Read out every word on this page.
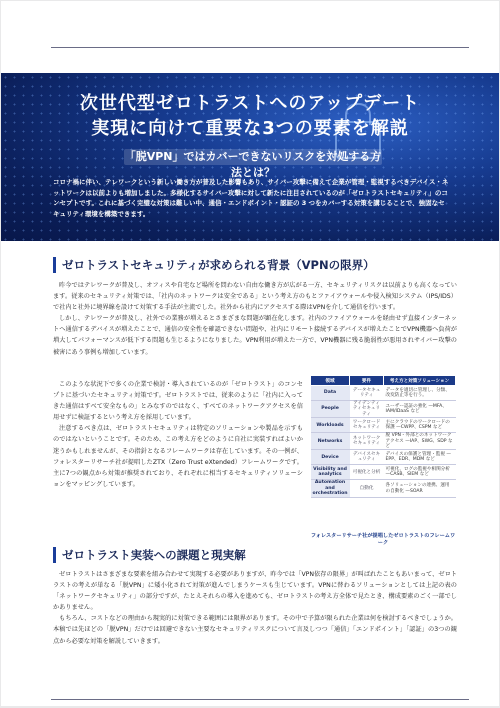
次世代型ゼロトラストへのアップデート
実現に向けて重要な3つの要素を解説
「脱VPN」ではカバーできないリスクを対処する方法とは？
コロナ禍に伴い、テレワークという新しい働き方が普及した影響もあり、サイバー攻撃に備えて企業が管理・監視するべきデバイス・ネットワークは以前よりも増加しました。多様化するサイバー攻撃に対して新たに注目されているのが「ゼロトラストセキュリティ」のコンセプトです。これに基づく完璧な対策は難しい中、通信・エンドポイント・認証の 3 つをカバーする対策を講じることで、強固なセキュリティ環境を構築できます。
ゼロトラストセキュリティが求められる背景（VPNの限界）

昨今ではテレワークが普及し、オフィスや自宅など場所を問わない自由な働き方が広がる一方、セキュリティリスクは以前よりも高くなっています。従来のセキュリティ対策では、「社内のネットワークは安全である」という考え方のもとファイアウォールや侵入検知システム（IPS/IDS）で社内と社外に境界線を設けて対策する手法が主流でした。社外から社内にアクセスする際はVPNを介して通信を行います。

しかし、テレワークが普及し、社外での業務が増えるとさまざまな問題が顕在化します。社内のファイアウォールを経由せず直接インターネットへ通信するデバイスが増えたことで、通信の安全性を確認できない問題や、社内にリモート接続するデバイスが増えたことでVPN機器へ負荷が増大してパフォーマンスが低下する問題も生じるようになりました。VPN利用が増えた一方で、VPN機器に残る脆弱性が悪用されサイバー攻撃の被害にあう事例も増加しています。

このような状況下で多くの企業で検討・導入されているのが「ゼロトラスト」のコンセプトに基づいたセキュリティ対策です。ゼロトラストでは、従来のように「社内に入ってきた通信はすべて安全なもの」とみなすのではなく、すべてのネットワークアクセスを信用せずに検証するという考え方を採用しています。

注意するべき点は、ゼロトラストセキュリティは特定のソリューションや製品を示すものではないということです。そのため、この考え方をどのように自社に実装すればよいか迷うかもしれませんが、その指針となるフレームワークは存在しています。その一例が、フォレスターリサーチ社が提唱したZTX（Zero Trust eXtended）フレームワークです。主に7つの観点から対策が推奨されており、それぞれに相当するセキュリティソリューションをマッピングしています。

領域	要件	考え方と対策ソリューション
Data	データセキュリティ	データを適切に管理し、分類、改変防止等を行う。
People	アイデンティティセキュリティ	ユーザー認証の強化 —MFA、IAM/IDaaS など
Workloads	ワークロードセキュリティ	主にクラウドのワークロードの保護 —CWPP、CSPM など
Networks	ネットワークセキュリティ	脱 VPN・外部とのネットワークアクセス —IAP、SWG、SDP など
Device	デバイスセキュリティ	デバイスの保護と管理・監視 —EPP、EDR、MDM など
Visibility and analytics	可視化と分析	可視化、ログの監視や相関分析 —CASB、SIEM など
Automation and orchestration	自動化	各ソリューションの連携、運用の自動化 —SOAR
フォレスターリサーチ社が提唱したゼロトラストのフレームワーク
ゼロトラスト実装への課題と現実解

ゼロトラストはさまざまな要素を組み合わせて実現する必要がありますが、昨今では「VPN依存の限界」が叫ばれたこともあいまって、ゼロトラストの考えが単なる「脱VPN」に矮小化されて対策が進んでしまうケースも生じています。VPNに替わるソリューションとしては上記の表の「ネットワークセキュリティ」の部分ですが、たとえそれらの導入を進めても、ゼロトラストの考え方全体で見たとき、構成要素のごく一部でしかありません。

もちろん、コストなどの理由から現実的に対策できる範囲には限界があります。その中で予算が限られた企業は何を検討するべきでしょうか。本稿では先ほどの「脱VPN」だけでは回避できない主要なセキュリティリスクについて言及しつつ「通信」「エンドポイント」「認証」の3つの観点から必要な対策を解説していきます。
